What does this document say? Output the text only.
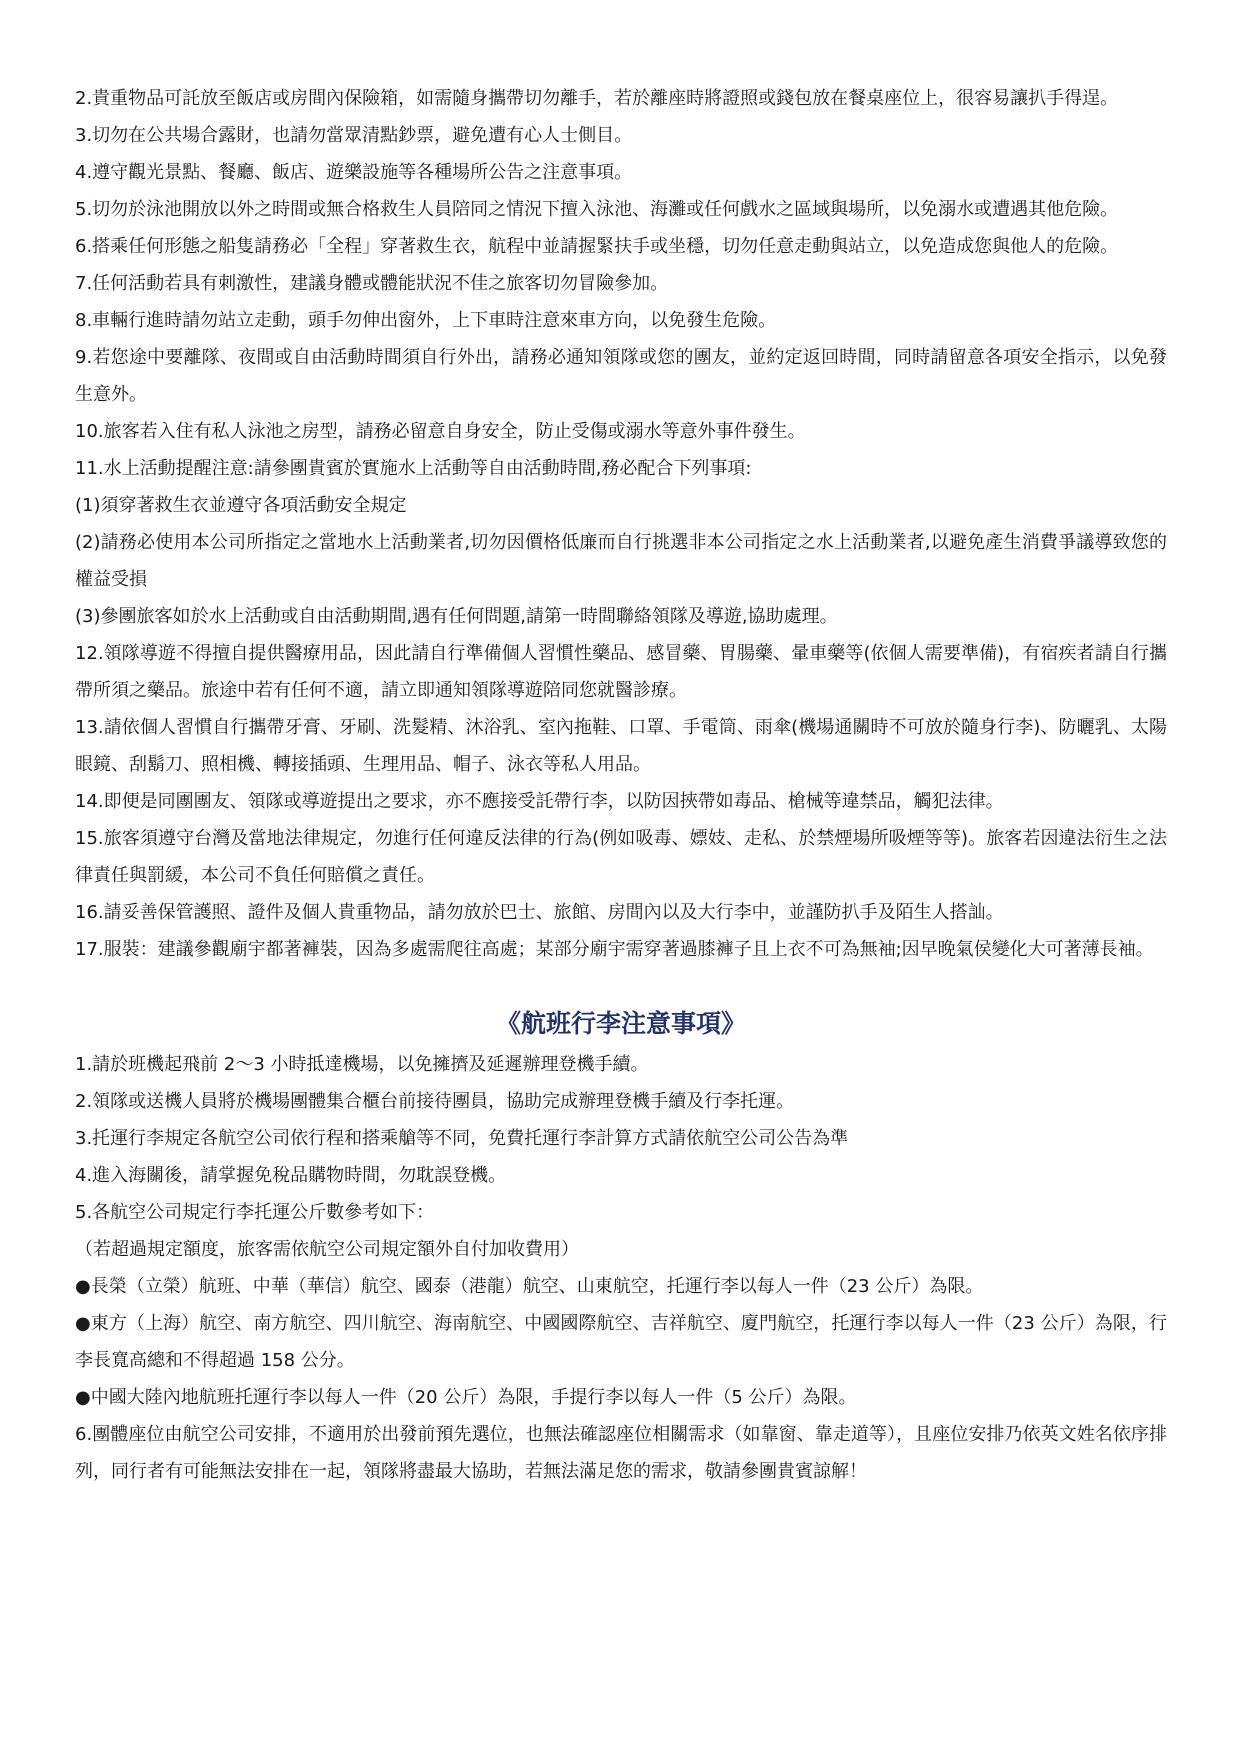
2.貴重物品可託放至飯店或房間內保險箱，如需隨身攜帶切勿離手，若於離座時將證照或錢包放在餐桌座位上，很容易讓扒手得逞。

3.切勿在公共場合露財，也請勿當眾清點鈔票，避免遭有心人士側目。

4.遵守觀光景點、餐廳、飯店、遊樂設施等各種場所公告之注意事項。

5.切勿於泳池開放以外之時間或無合格救生人員陪同之情況下擅入泳池、海灘或任何戲水之區域與場所，以免溺水或遭遇其他危險。

6.搭乘任何形態之船隻請務必「全程」穿著救生衣，航程中並請握緊扶手或坐穩，切勿任意走動與站立，以免造成您與他人的危險。

7.任何活動若具有刺激性，建議身體或體能狀況不佳之旅客切勿冒險參加。

8.車輛行進時請勿站立走動，頭手勿伸出窗外，上下車時注意來車方向，以免發生危險。

9.若您途中要離隊、夜間或自由活動時間須自行外出，請務必通知領隊或您的團友，並約定返回時間，同時請留意各項安全指示，以免發生意外。

10.旅客若入住有私人泳池之房型，請務必留意自身安全，防止受傷或溺水等意外事件發生。

11.水上活動提醒注意:請參團貴賓於實施水上活動等自由活動時間,務必配合下列事項:

(1)須穿著救生衣並遵守各項活動安全規定

(2)請務必使用本公司所指定之當地水上活動業者,切勿因價格低廉而自行挑選非本公司指定之水上活動業者,以避免產生消費爭議導致您的權益受損

(3)參團旅客如於水上活動或自由活動期間,遇有任何問題,請第一時間聯絡領隊及導遊,協助處理。

12.領隊導遊不得擅自提供醫療用品，因此請自行準備個人習慣性藥品、感冒藥、胃腸藥、暈車藥等(依個人需要準備)，有宿疾者請自行攜帶所須之藥品。旅途中若有任何不適，請立即通知領隊導遊陪同您就醫診療。

13.請依個人習慣自行攜帶牙膏、牙刷、洗髮精、沐浴乳、室內拖鞋、口罩、手電筒、雨傘(機場通關時不可放於隨身行李)、防曬乳、太陽眼鏡、刮鬍刀、照相機、轉接插頭、生理用品、帽子、泳衣等私人用品。

14.即便是同團團友、領隊或導遊提出之要求，亦不應接受託帶行李，以防因挾帶如毒品、槍械等違禁品，觸犯法律。

15.旅客須遵守台灣及當地法律規定，勿進行任何違反法律的行為(例如吸毒、嫖妓、走私、於禁煙場所吸煙等等)。旅客若因違法衍生之法律責任與罰緩，本公司不負任何賠償之責任。

16.請妥善保管護照、證件及個人貴重物品，請勿放於巴士、旅館、房間內以及大行李中，並謹防扒手及陌生人搭訕。

17.服裝：建議參觀廟宇都著褲裝，因為多處需爬往高處；某部分廟宇需穿著過膝褲子且上衣不可為無袖;因早晚氣侯變化大可著薄長袖。

《航班行李注意事項》

1.請於班機起飛前 2～3 小時抵達機場，以免擁擠及延遲辦理登機手續。

2.領隊或送機人員將於機場團體集合櫃台前接待團員，協助完成辦理登機手續及行李托運。

3.托運行李規定各航空公司依行程和搭乘艙等不同，免費托運行李計算方式請依航空公司公告為準

4.進入海關後，請掌握免稅品購物時間，勿耽誤登機。

5.各航空公司規定行李托運公斤數參考如下：

（若超過規定額度，旅客需依航空公司規定額外自付加收費用）

●長榮（立榮）航班、中華（華信）航空、國泰（港龍）航空、山東航空，托運行李以每人一件（23 公斤）為限。

●東方（上海）航空、南方航空、四川航空、海南航空、中國國際航空、吉祥航空、廈門航空，托運行李以每人一件（23 公斤）為限，行李長寬高總和不得超過 158 公分。

●中國大陸內地航班托運行李以每人一件（20 公斤）為限，手提行李以每人一件（5 公斤）為限。

6.團體座位由航空公司安排，不適用於出發前預先選位，也無法確認座位相關需求（如靠窗、靠走道等），且座位安排乃依英文姓名依序排列，同行者有可能無法安排在一起，領隊將盡最大協助，若無法滿足您的需求，敬請參團貴賓諒解！
